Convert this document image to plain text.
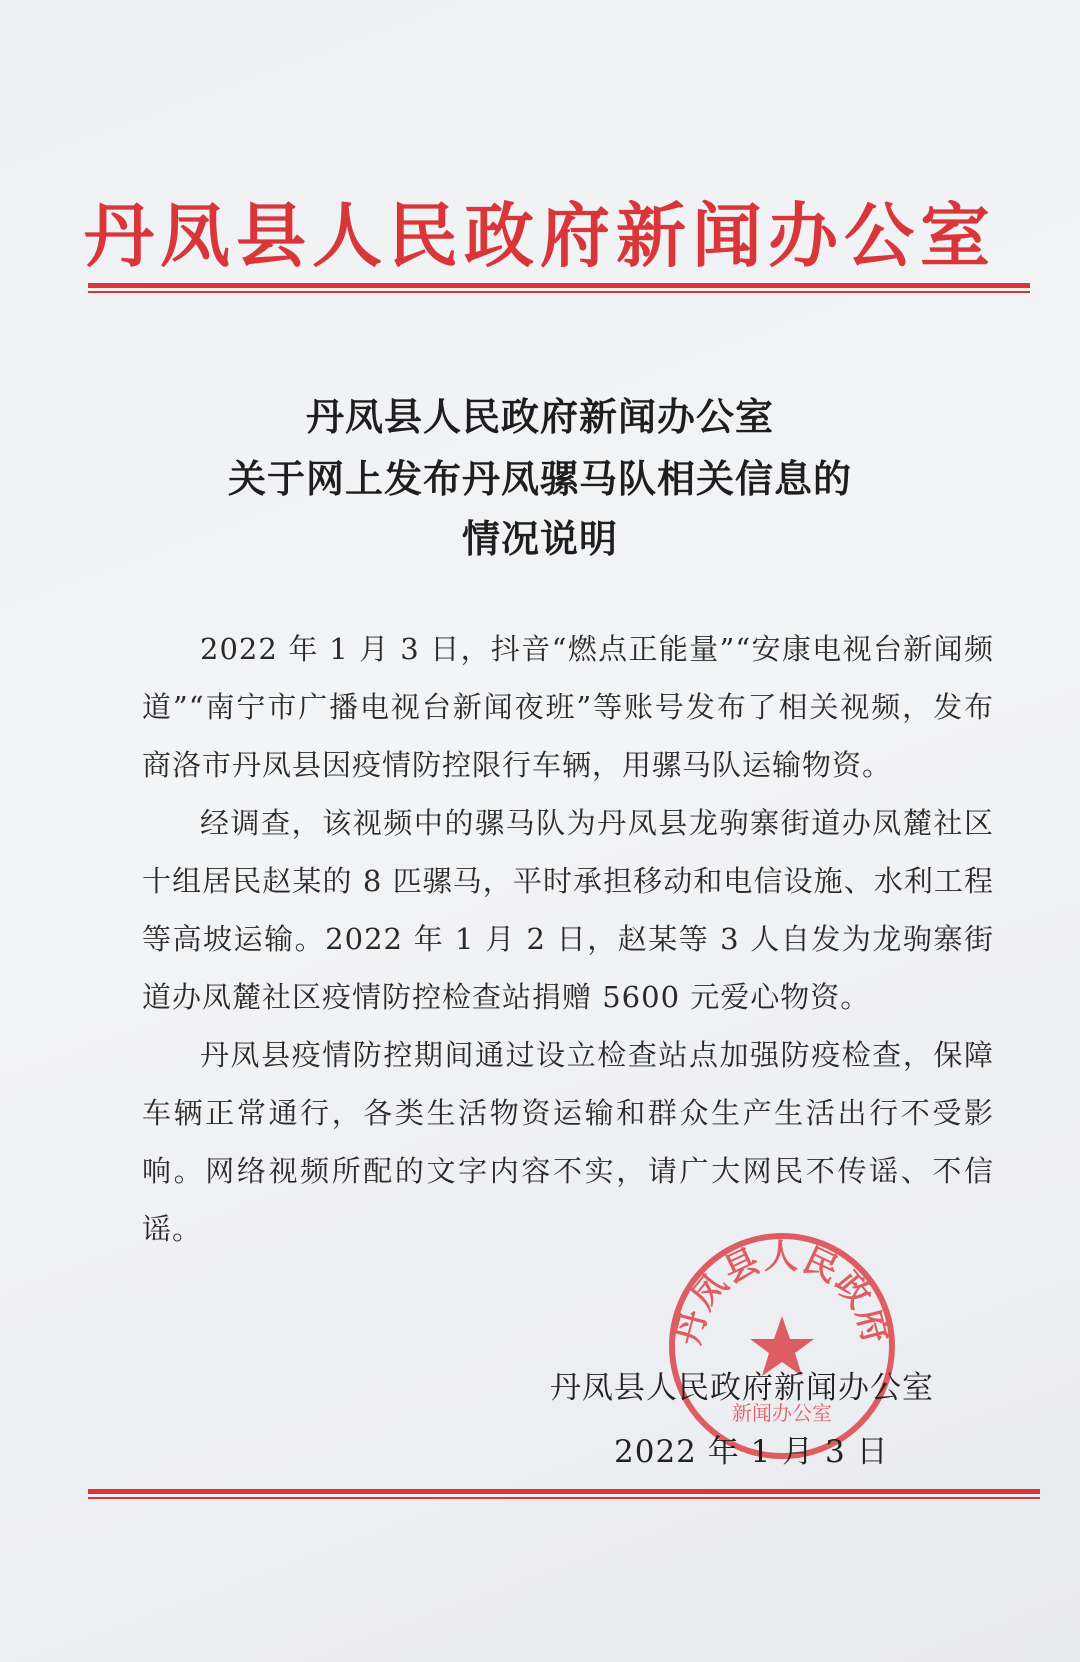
丹凤县人民政府新闻办公室
丹凤县人民政府新闻办公室
关于网上发布丹凤骡马队相关信息的
情况说明

2022 年 1 月 3 日，抖音“燃点正能量”“安康电视台新闻频道”“南宁市广播电视台新闻夜班”等账号发布了相关视频，发布商洛市丹凤县因疫情防控限行车辆，用骡马队运输物资。

经调查，该视频中的骡马队为丹凤县龙驹寨街道办凤麓社区十组居民赵某的 8 匹骡马，平时承担移动和电信设施、水利工程等高坡运输。2022 年 1 月 2 日，赵某等 3 人自发为龙驹寨街道办凤麓社区疫情防控检查站捐赠 5600 元爱心物资。

丹凤县疫情防控期间通过设立检查站点加强防疫检查，保障车辆正常通行，各类生活物资运输和群众生产生活出行不受影响。网络视频所配的文字内容不实，请广大网民不传谣、不信谣。

丹凤县人民政府
新闻办公室
丹凤县人民政府新闻办公室
2022 年 1 月 3 日
